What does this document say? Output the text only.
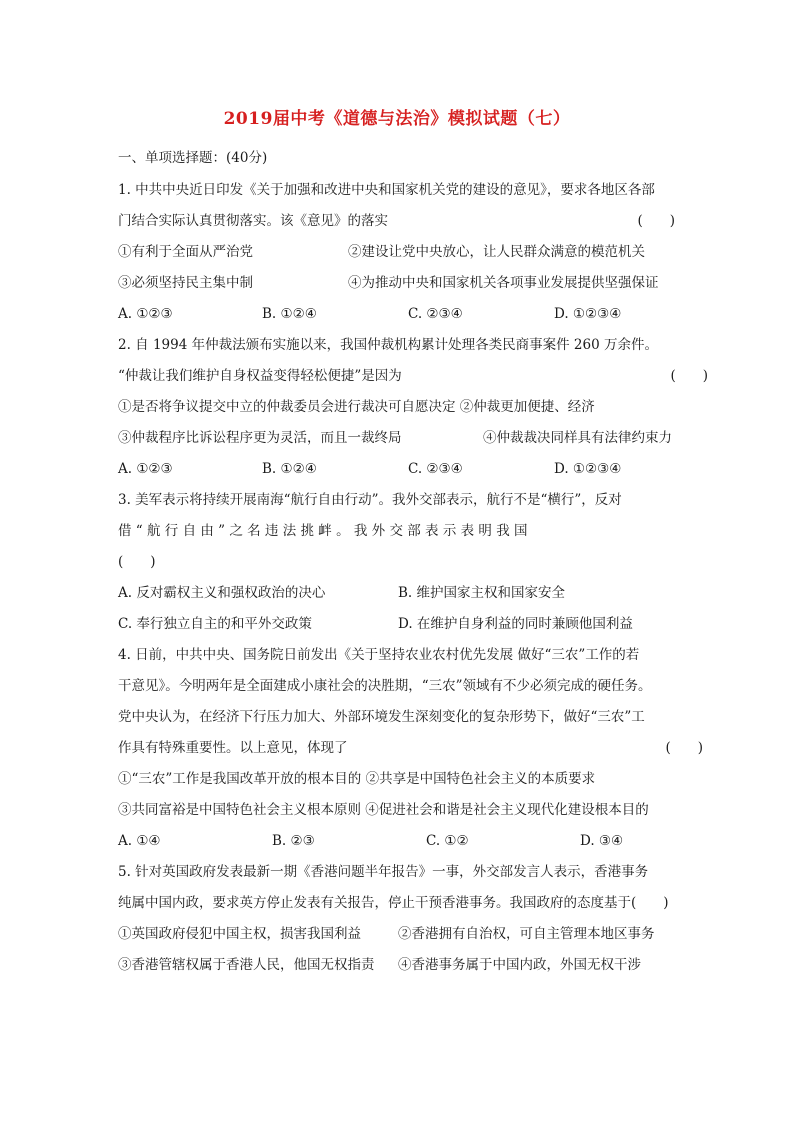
2019届中考《道德与法治》模拟试题（七）
一、单项选择题：(40分)
1. 中共中央近日印发《关于加强和改进中央和国家机关党的建设的意见》，要求各地区各部
门结合实际认真贯彻落实。该《意见》的落实	(　　)
①有利于全面从严治党	②建设让党中央放心，让人民群众满意的模范机关
③必须坚持民主集中制	④为推动中央和国家机关各项事业发展提供坚强保证
A. ①②③	B. ①②④	C. ②③④	D. ①②③④
2. 自 1994 年仲裁法颁布实施以来，我国仲裁机构累计处理各类民商事案件 260 万余件。
“仲裁让我们维护自身权益变得轻松便捷”是因为	(　　)
①是否将争议提交中立的仲裁委员会进行裁决可自愿决定 ②仲裁更加便捷、经济
③仲裁程序比诉讼程序更为灵活，而且一裁终局	④仲裁裁决同样具有法律约束力
A. ①②③	B. ①②④	C. ②③④	D. ①②③④
3. 美军表示将持续开展南海“航行自由行动”。我外交部表示，航行不是“横行”，反对
借 “ 航 行 自 由 ” 之 名 违 法 挑 衅 。 我 外 交 部 表 示 表 明 我 国
(　　)
A. 反对霸权主义和强权政治的决心	B. 维护国家主权和国家安全
C. 奉行独立自主的和平外交政策	D. 在维护自身利益的同时兼顾他国利益
4. 日前，中共中央、国务院日前发出《关于坚持农业农村优先发展 做好“三农”工作的若
干意见》。今明两年是全面建成小康社会的决胜期，“三农”领域有不少必须完成的硬任务。
党中央认为，在经济下行压力加大、外部环境发生深刻变化的复杂形势下，做好“三农”工
作具有特殊重要性。以上意见，体现了	(　　)
①“三农”工作是我国改革开放的根本目的 ②共享是中国特色社会主义的本质要求
③共同富裕是中国特色社会主义根本原则 ④促进社会和谐是社会主义现代化建设根本目的
A. ①④	B. ②③	C. ①②	D. ③④
5. 针对英国政府发表最新一期《香港问题半年报告》一事，外交部发言人表示，香港事务
纯属中国内政，要求英方停止发表有关报告，停止干预香港事务。我国政府的态度基于(　　)
①英国政府侵犯中国主权，损害我国利益	②香港拥有自治权，可自主管理本地区事务
③香港管辖权属于香港人民，他国无权指责 ④香港事务属于中国内政，外国无权干涉
